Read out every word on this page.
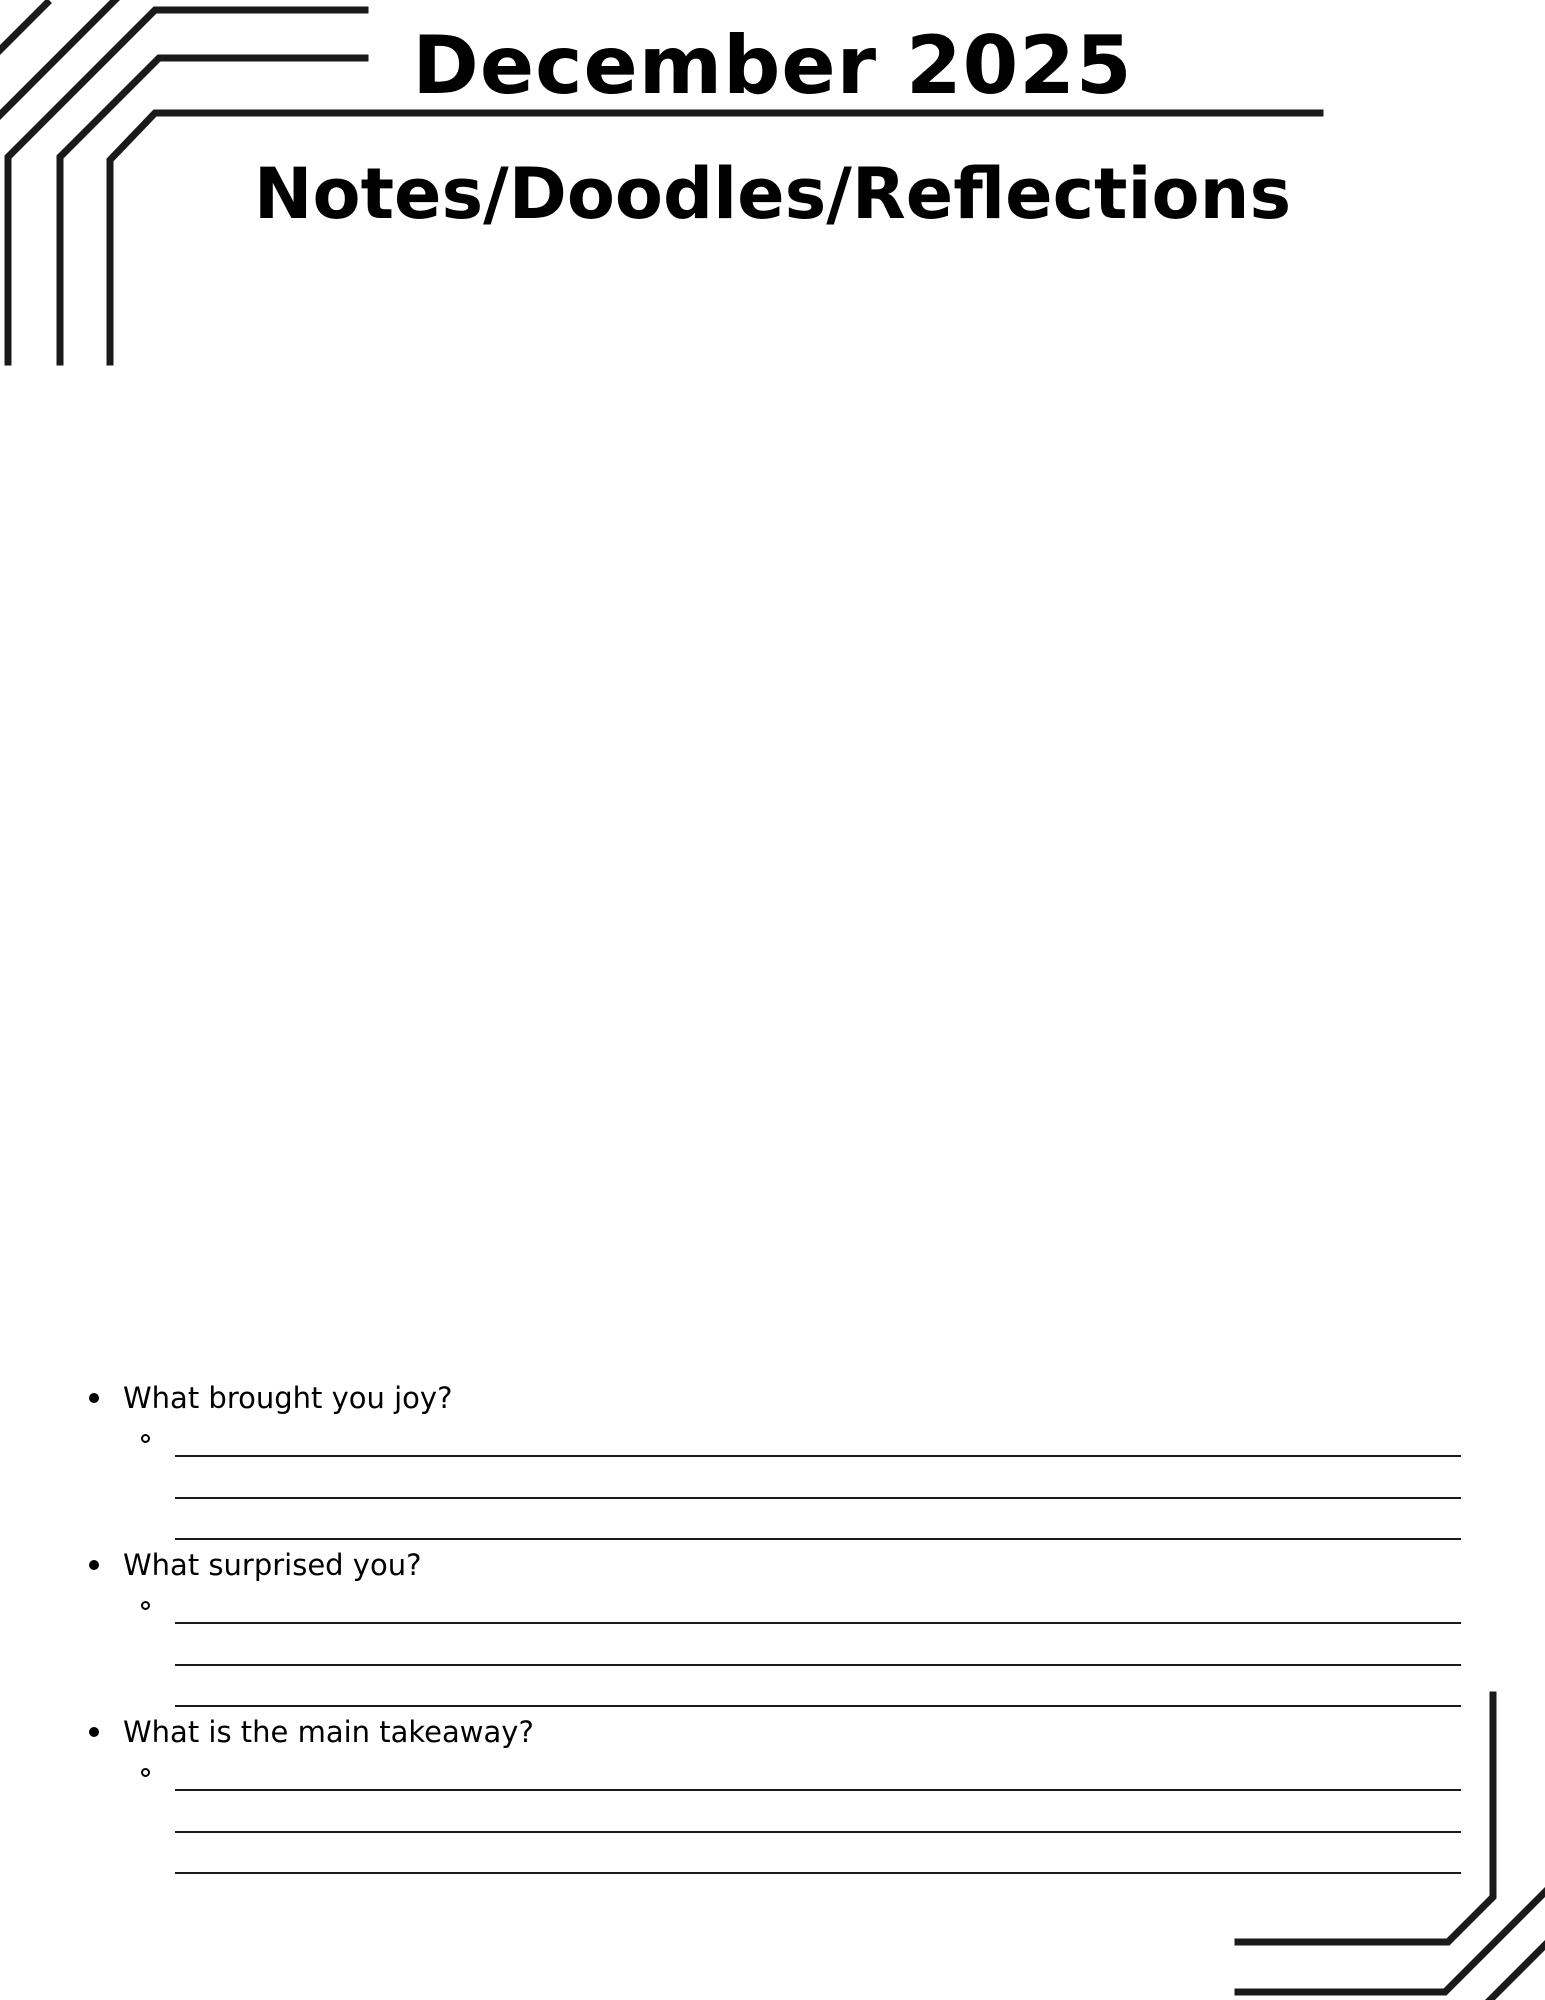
December 2025
Notes/Doodles/Reflections
What brought you joy?
What surprised you?
What is the main takeaway?
